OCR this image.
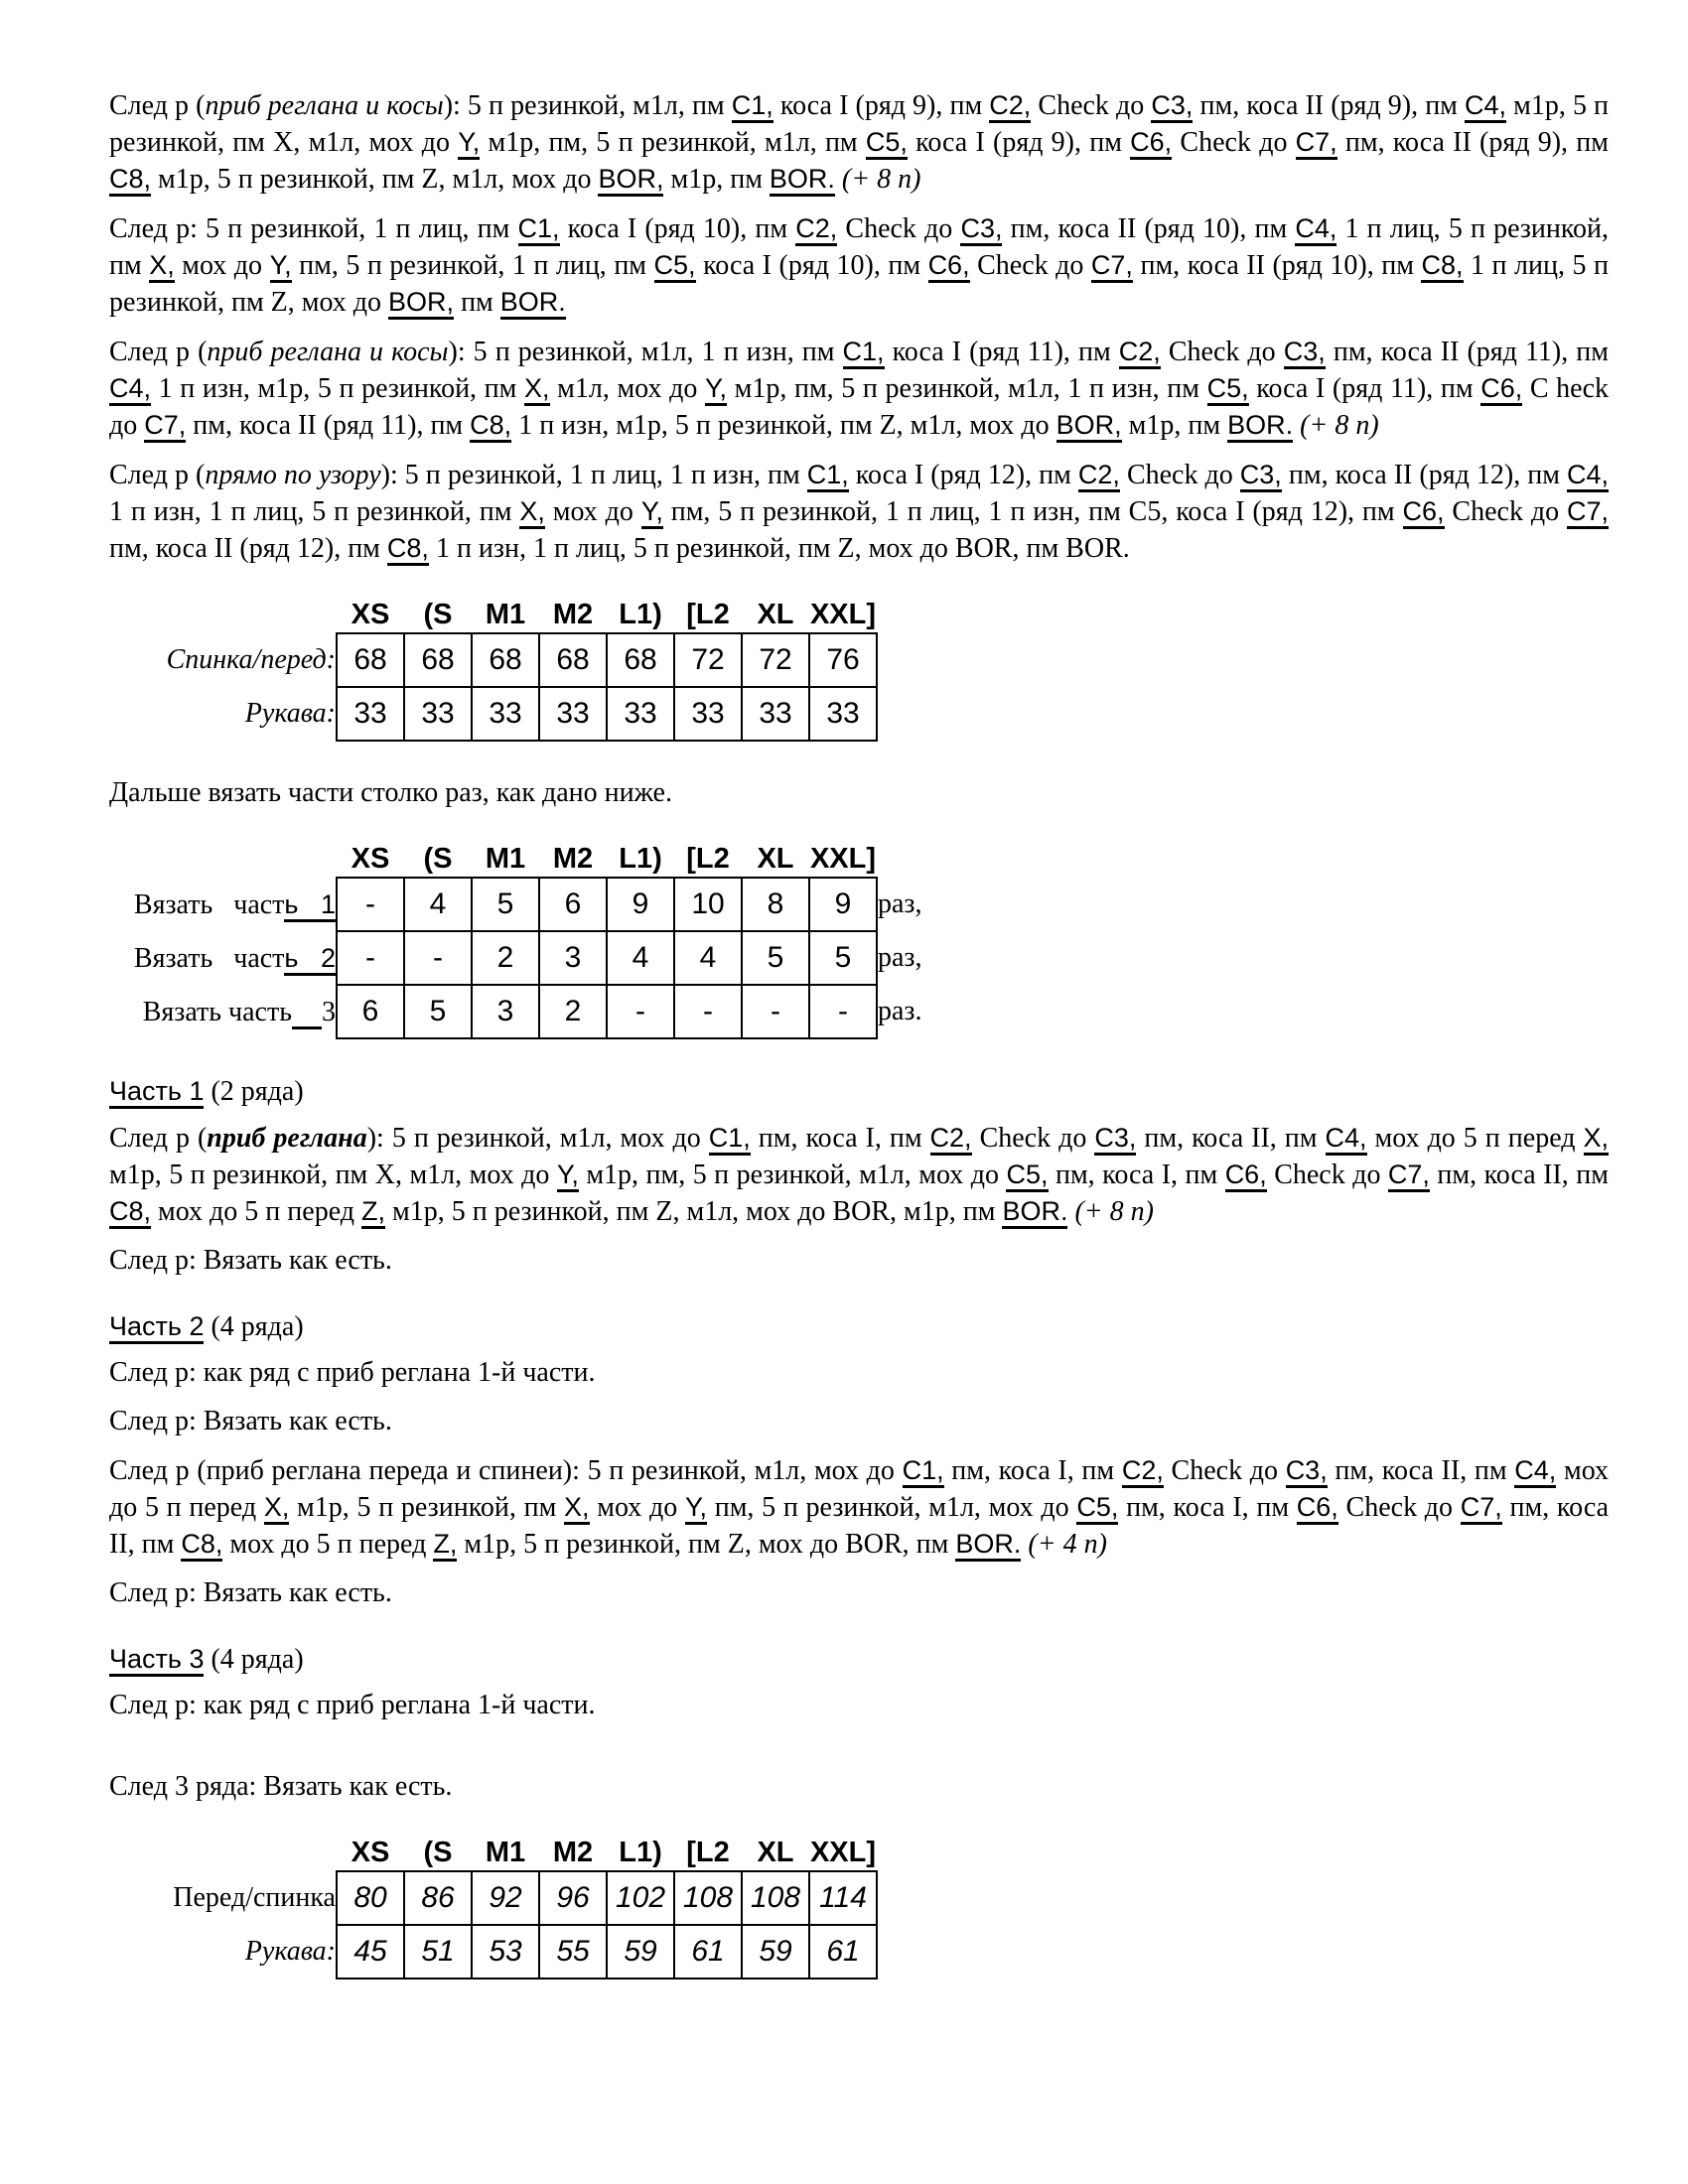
След р (приб реглана и косы): 5 п резинкой, м1л, пм C1, коса I (ряд 9), пм C2, Check до C3, пм, коса II (ряд 9), пм C4, м1р, 5 п резинкой, пм X, м1л, мох до Y, м1р, пм, 5 п резинкой, м1л, пм C5, коса I (ряд 9), пм C6, Check до C7, пм, коса II (ряд 9), пм C8, м1р, 5 п резинкой, пм Z, м1л, мох до BOR, м1р, пм BOR. (+ 8 п)

След р: 5 п резинкой, 1 п лиц, пм C1, коса I (ряд 10), пм C2, Check до C3, пм, коса II (ряд 10), пм C4, 1 п лиц, 5 п резинкой, пм X, мох до Y, пм, 5 п резинкой, 1 п лиц, пм C5, коса I (ряд 10), пм C6, Check до C7, пм, коса II (ряд 10), пм C8, 1 п лиц, 5 п резинкой, пм Z, мох до BOR, пм BOR.

След р (приб реглана и косы): 5 п резинкой, м1л, 1 п изн, пм C1, коса I (ряд 11), пм C2, Check до C3, пм, коса II (ряд 11), пм C4, 1 п изн, м1р, 5 п резинкой, пм X, м1л, мох до Y, м1р, пм, 5 п резинкой, м1л, 1 п изн, пм C5, коса I (ряд 11), пм C6, C heck до C7, пм, коса II (ряд 11), пм C8, 1 п изн, м1р, 5 п резинкой, пм Z, м1л, мох до BOR, м1р, пм BOR. (+ 8 п)

След р (прямо по узору): 5 п резинкой, 1 п лиц, 1 п изн, пм C1, коса I (ряд 12), пм C2, Check до C3, пм, коса II (ряд 12), пм C4, 1 п изн, 1 п лиц, 5 п резинкой, пм X, мох до Y, пм, 5 п резинкой, 1 п лиц, 1 п изн, пм C5, коса I (ряд 12), пм C6, Check до C7, пм, коса II (ряд 12), пм C8, 1 п изн, 1 п лиц, 5 п резинкой, пм Z, мох до BOR, пм BOR.

	XS	(S	M1	M2	L1)	[L2	XL	XXL]
Спинка/перед:	68	68	68	68	68	72	72	76
Рукава:	33	33	33	33	33	33	33	33

Дальше вязать части столко раз, как дано ниже.

	XS	(S	M1	M2	L1)	[L2	XL	XXL]	
Вязать   часть   1	-	4	5	6	9	10	8	9	раз,
Вязать   часть   2	-	-	2	3	4	4	5	5	раз,
Вязать часть 3	6	5	3	2	-	-	-	-	раз.

Часть 1 (2 ряда)

След р (приб реглана): 5 п резинкой, м1л, мох до C1, пм, коса I, пм C2, Check до C3, пм, коса II, пм C4, мох до 5 п перед X, м1р, 5 п резинкой, пм X, м1л, мох до Y, м1р, пм, 5 п резинкой, м1л, мох до C5, пм, коса I, пм C6, Check до C7, пм, коса II, пм C8, мох до 5 п перед Z, м1р, 5 п резинкой, пм Z, м1л, мох до BOR, м1р, пм BOR. (+ 8 п)

След р: Вязать как есть.

Часть 2 (4 ряда)

След р: как ряд с приб реглана 1-й части.

След р: Вязать как есть.

След р (приб реглана переда и спинеи): 5 п резинкой, м1л, мох до C1, пм, коса I, пм C2, Check до C3, пм, коса II, пм C4, мох до 5 п перед X, м1р, 5 п резинкой, пм X, мох до Y, пм, 5 п резинкой, м1л, мох до C5, пм, коса I, пм C6, Check до C7, пм, коса II, пм C8, мох до 5 п перед Z, м1р, 5 п резинкой, пм Z, мох до BOR, пм BOR. (+ 4 п)

След р: Вязать как есть.

Часть 3 (4 ряда)

След р: как ряд с приб реглана 1-й части.

След 3 ряда: Вязать как есть.

	XS	(S	M1	M2	L1)	[L2	XL	XXL]
Перед/спинка	80	86	92	96	102	108	108	114
Рукава:	45	51	53	55	59	61	59	61
